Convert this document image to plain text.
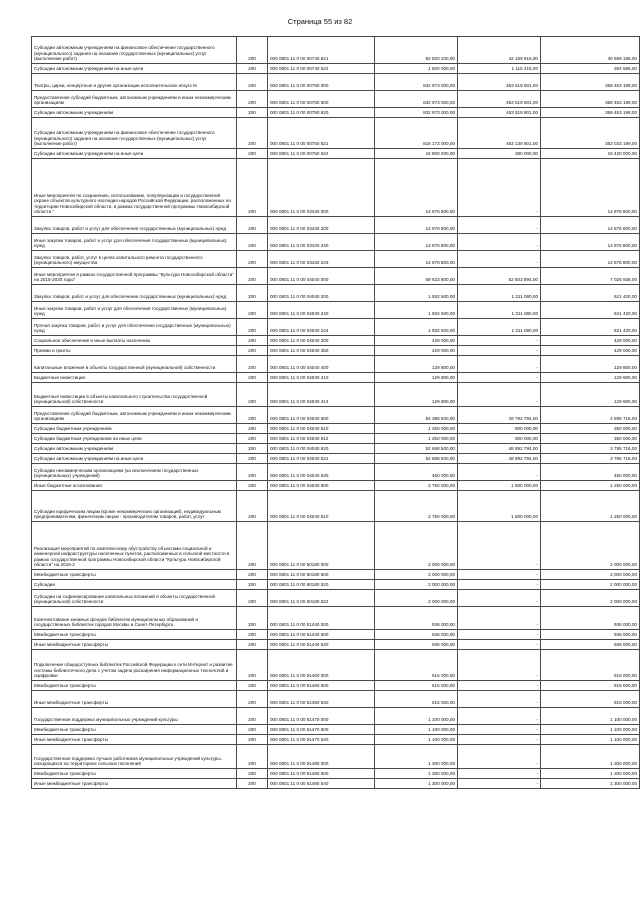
Страница 55 из 82
Субсидии автономным учреждениям на финансовое обеспечение государственного (муниципального) задания на оказание государственных (муниципальных) услуг (выполнение работ)	200	000 0801 11 0 00 00740 621	82 820 100,00	42 169 915,00	40 659 185,00
Субсидии автономным учреждениям на иные цели	200	000 0801 11 0 00 00740 622	1 500 000,00	1 115 415,00	384 585,00
Театры, цирки, концертные и другие организации исполнительских искусств	200	000 0801 11 0 00 00750 000	832 973 000,00	463 519 801,00	369 453 199,00
Предоставление субсидий бюджетным, автономным учреждениям и иным некоммерческим организациям	200	000 0801 11 0 00 00750 600	832 973 000,00	463 519 801,00	369 453 199,00
Субсидии автономным учреждениям	200	000 0801 11 0 00 00750 620	832 973 000,00	463 519 801,00	369 453 199,00
Субсидии автономным учреждениям на финансовое обеспечение государственного (муниципального) задания на оказание государственных (муниципальных) услуг (выполнение работ)	200	000 0801 11 0 00 00750 621	816 173 000,00	463 139 801,00	353 033 199,00
Субсидии автономным учреждениям на иные цели	200	000 0801 11 0 00 00750 622	16 800 000,00	380 000,00	16 420 000,00
Иные мероприятия по сохранению, использованию, популяризации и государственной охране объектов культурного наследия народов Российской Федерации, расположенных на территории Новосибирской области, в рамках государственной программы Новосибирской области "	200	000 0801 11 0 00 03430 000	14 876 800,00	-	14 876 800,00
Закупка товаров, работ и услуг для обеспечения государственных (муниципальных) нужд	200	000 0801 11 0 00 03430 200	14 876 800,00	-	14 876 800,00
Иные закупки товаров, работ и услуг для обеспечения государственных (муниципальных) нужд	200	000 0801 11 0 00 03430 240	14 876 800,00	-	14 876 800,00
Закупка товаров, работ, услуг в целях капитального ремонта государственного (муниципального) имущества	200	000 0801 11 0 00 03430 243	14 876 800,00	-	14 876 800,00
Иные мероприятия в рамках государственной программы "Культура Новосибирской области" на 2015-2020 годы"	200	000 0801 11 0 00 04040 000	59 623 800,00	52 603 894,00	7 025 936,00
Закупка товаров, работ и услуг для обеспечения государственных (муниципальных) нужд	200	000 0801 11 0 00 04040 200	1 932 500,00	1 311 080,00	621 420,00
Иные закупки товаров, работ и услуг для обеспечения государственных (муниципальных) нужд	200	000 0801 11 0 00 04040 240	1 932 500,00	1 311 080,00	621 420,00
Прочая закупка товаров, работ и услуг для обеспечения государственных (муниципальных) нужд	200	000 0801 11 0 00 04040 244	1 932 500,00	1 311 080,00	621 420,00
Социальное обеспечение и иные выплаты населению	200	000 0801 11 0 00 04040 300	429 000,00	-	429 000,00
Премии и гранты	200	000 0801 11 0 00 04040 350	429 000,00	-	429 000,00
Капитальные вложения в объекты государственной (муниципальной) собственности	200	000 0801 11 0 00 04040 400	129 800,00	-	129 800,00
Бюджетные инвестиции	200	000 0801 11 0 00 04040 410	129 800,00	-	129 800,00
Бюджетные инвестиции в объекты капитального строительства государственной (муниципальной) собственности	200	000 0801 11 0 00 04040 414	129 800,00	-	129 800,00
Предоставление субсидий бюджетным, автономным учреждениям и иным некоммерческим организациям	200	000 0801 11 0 00 04040 600	54 388 500,00	49 792 784,00	4 595 716,00
Субсидии бюджетным учреждениям	200	000 0801 11 0 00 04040 610	1 250 000,00	900 000,00	350 000,00
Субсидии бюджетным учреждениям на иные цели	200	000 0801 11 0 00 04040 612	1 250 000,00	900 000,00	350 000,00
Субсидии автономным учреждениям	200	000 0801 11 0 00 04040 620	52 688 500,00	48 892 784,00	3 795 716,00
Субсидии автономным учреждениям на иные цели	200	000 0801 11 0 00 04040 622	52 688 500,00	48 892 784,00	3 795 716,00
Субсидии некоммерческим организациям (за исключением государственных (муниципальных) учреждений)	200	000 0801 11 0 00 04040 630	450 000,00	-	450 000,00
Иные бюджетные ассигнования	200	000 0801 11 0 00 04040 800	2 750 000,00	1 500 000,00	1 250 000,00
Субсидии юридическим лицам (кроме некоммерческих организаций), индивидуальным предпринимателям, физическим лицам - производителям товаров, работ, услуг	200	000 0801 11 0 00 04040 810	2 750 000,00	1 500 000,00	1 250 000,00
Реализация мероприятий по комплексному обустройству объектами социальной и инженерной инфраструктуры населенных пунктов, расположенных в сельской местности в рамках государственной программы Новосибирской области "Культура Новосибирской области" на 2015-2	200	000 0801 11 0 00 50180 000	2 000 000,00	-	2 000 000,00
Межбюджетные трансферты	200	000 0801 11 0 00 50180 500	2 000 000,00	-	2 000 000,00
Субсидии	200	000 0801 11 0 00 50180 520	2 000 000,00	-	2 000 000,00
Субсидии на софинансирование капитальных вложений в объекты государственной (муниципальной) собственности	200	000 0801 11 0 00 50180 522	2 000 000,00	-	2 000 000,00
Комплектование книжных фондов библиотек муниципальных образований и государственных библиотек городов Москвы и Санкт-Петербурга	200	000 0801 11 0 00 51440 000	936 000,00	-	936 000,00
Межбюджетные трансферты	200	000 0801 11 0 00 51440 500	936 000,00	-	936 000,00
Иные межбюджетные трансферты	200	000 0801 11 0 00 51440 540	936 000,00	-	936 000,00
Подключение общедоступных библиотек Российской Федерации к сети Интернет и развитие системы библиотечного дела с учетом задачи расширения информационных технологий и оцифровки	200	000 0801 11 0 00 51460 000	615 000,00	-	615 000,00
Межбюджетные трансферты	200	000 0801 11 0 00 51460 500	615 000,00	-	615 000,00
Иные межбюджетные трансферты	200	000 0801 11 0 00 51460 540	615 000,00	-	615 000,00
Государственная поддержка муниципальных учреждений культуры	200	000 0801 11 0 00 51470 000	1 100 000,00	-	1 100 000,00
Межбюджетные трансферты	200	000 0801 11 0 00 51470 500	1 100 000,00	-	1 100 000,00
Иные межбюджетные трансферты	200	000 0801 11 0 00 51470 540	1 100 000,00	-	1 100 000,00
Государственная поддержка лучших работников муниципальных учреждений культуры, находящихся на территориях сельских поселений	200	000 0801 11 0 00 51480 000	1 300 000,00	-	1 300 000,00
Межбюджетные трансферты	200	000 0801 11 0 00 51480 500	1 300 000,00	-	1 300 000,00
Иные межбюджетные трансферты	200	000 0801 11 0 00 51480 540	1 300 000,00	-	1 300 000,00
